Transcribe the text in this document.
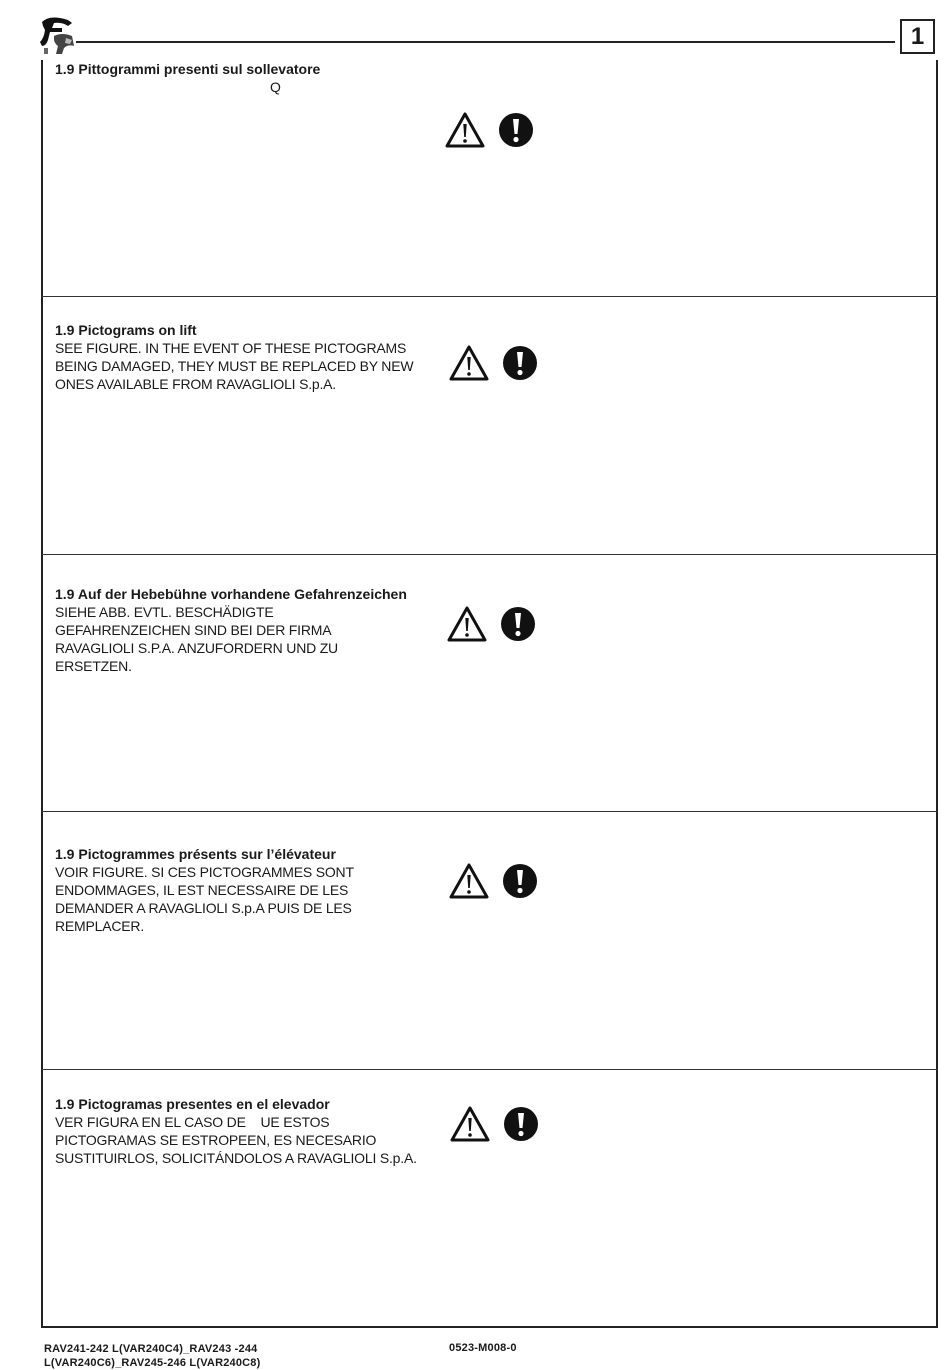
1

1.9 Pittogrammi presenti sul sollevatore

Q

1.9 Pictograms on lift

SEE FIGURE. IN THE EVENT OF THESE PICTOGRAMS

BEING DAMAGED, THEY MUST BE REPLACED BY NEW

ONES AVAILABLE FROM RAVAGLIOLI S.p.A.

1.9 Auf der Hebebühne vorhandene Gefahrenzeichen

SIEHE ABB. EVTL. BESCHÄDIGTE

GEFAHRENZEICHEN SIND BEI DER FIRMA

RAVAGLIOLI S.P.A. ANZUFORDERN UND ZU

ERSETZEN.

1.9 Pictogrammes présents sur l’élévateur

VOIR FIGURE. SI CES PICTOGRAMMES SONT

ENDOMMAGES, IL EST NECESSAIRE DE LES

DEMANDER A RAVAGLIOLI S.p.A PUIS DE LES

REMPLACER.

1.9 Pictogramas presentes en el elevador

VER FIGURA EN EL CASO DE    UE ESTOS

PICTOGRAMAS SE ESTROPEEN, ES NECESARIO

SUSTITUIRLOS, SOLICITÁNDOLOS A RAVAGLIOLI S.p.A.

RAV241-242 L(VAR240C4)_RAV243 -244
L(VAR240C6)_RAV245-246 L(VAR240C8)
0523-M008-0
